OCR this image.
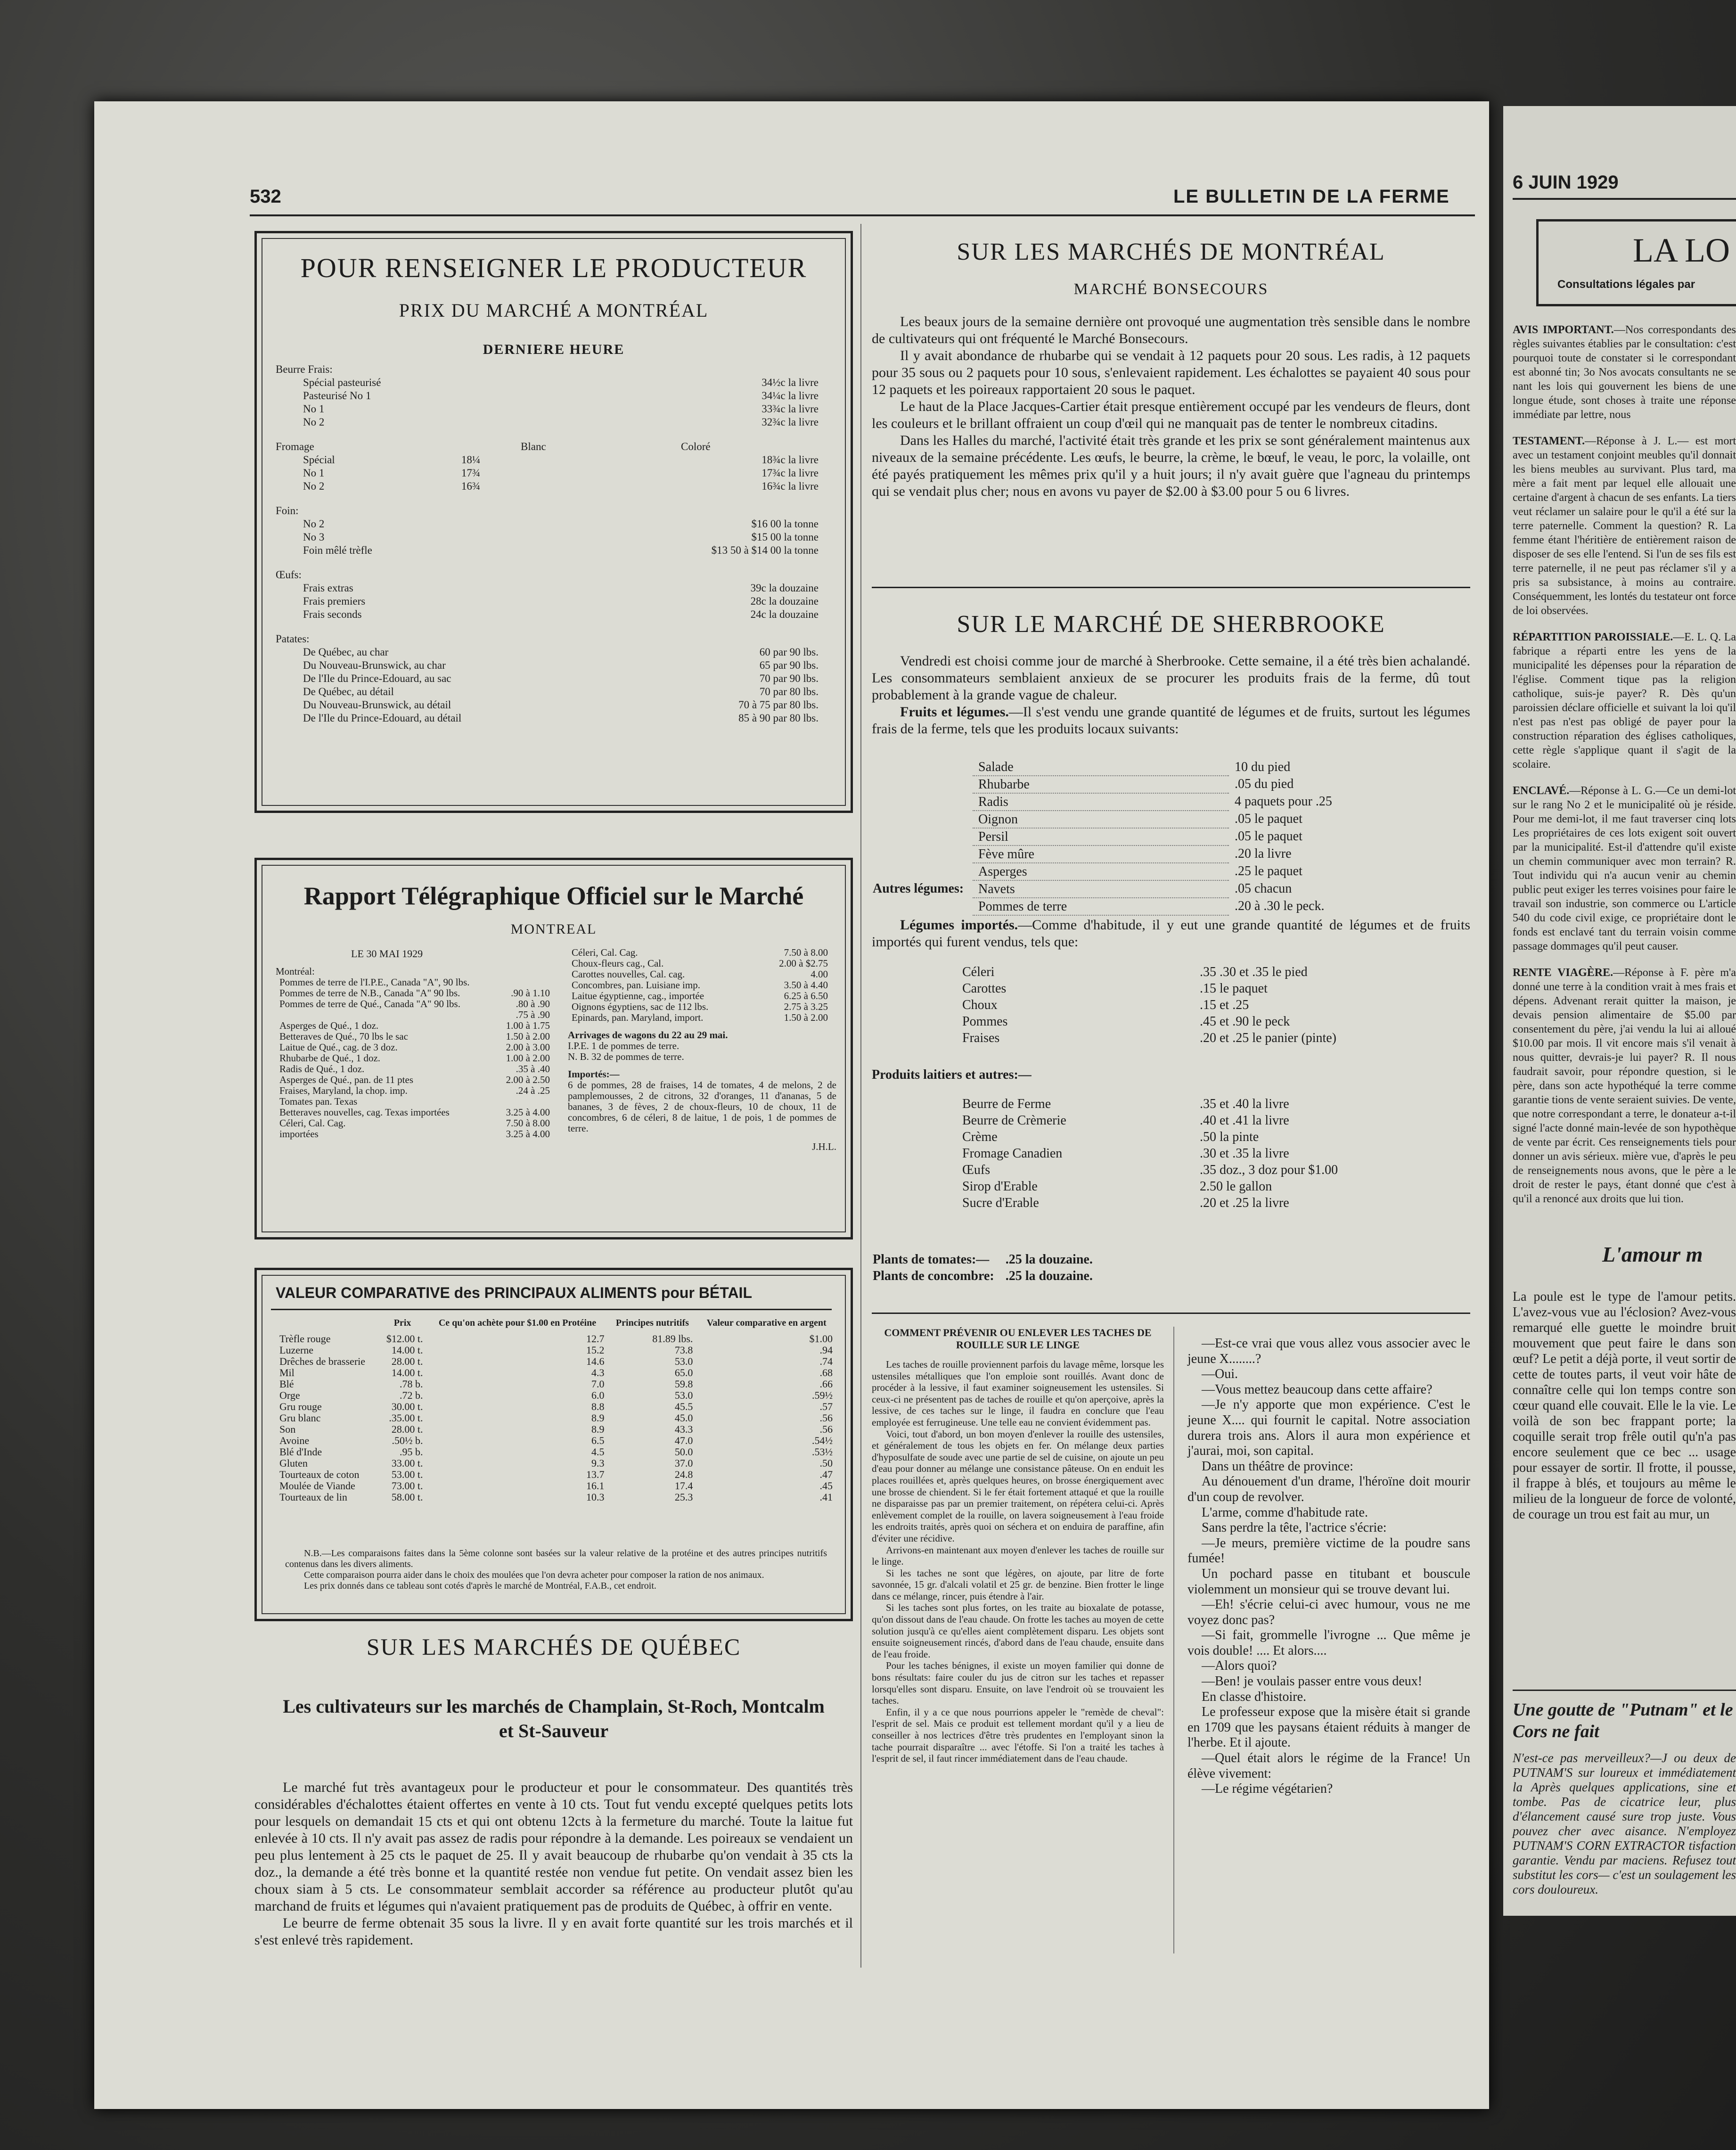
532	LE BULLETIN DE LA FERME
POUR RENSEIGNER LE PRODUCTEUR
PRIX DU MARCHÉ A MONTRÉAL
DERNIERE HEURE
Beurre Frais:
Spécial pasteurisé	34½c la livre
Pasteurisé No 1	34¼c la livre
No 1	33¾c la livre
No 2	32¾c la livre
Fromage	Blanc	Coloré
Spécial	18¼	18¾c la livre
No 1	17¾	17¾c la livre
No 2	16¾	16¾c la livre
Foin:
No 2	$16 00 la tonne
No 3	$15 00 la tonne
Foin mêlé trèfle	$13 50 à $14 00 la tonne
Œufs:
Frais extras	39c la douzaine
Frais premiers	28c la douzaine
Frais seconds	24c la douzaine
Patates:
De Québec, au char	60 par 90 lbs.
Du Nouveau-Brunswick, au char	65 par 90 lbs.
De l'Ile du Prince-Edouard, au sac	70 par 90 lbs.
De Québec, au détail	70 par 80 lbs.
Du Nouveau-Brunswick, au détail	70 à 75 par 80 lbs.
De l'Ile du Prince-Edouard, au détail	85 à 90 par 80 lbs.
Rapport Télégraphique Officiel sur le Marché
MONTREAL
LE 30 MAI 1929
Montréal:
Pommes de terre de l'I.P.E., Canada "A", 90 lbs.	
Pommes de terre de N.B., Canada "A" 90 lbs.	.90 à 1.10
Pommes de terre de Qué., Canada "A" 90 lbs.	.80 à .90
	.75 à .90
Asperges de Qué., 1 doz.	1.00 à 1.75
Betteraves de Qué., 70 lbs le sac	1.50 à 2.00
Laitue de Qué., cag. de 3 doz.	2.00 à 3.00
Rhubarbe de Qué., 1 doz.	1.00 à 2.00
Radis de Qué., 1 doz.	.35 à .40
Asperges de Qué., pan. de 11 ptes	2.00 à 2.50
Fraises, Maryland, la chop. imp.	.24 à .25
Tomates pan. Texas	
Betteraves nouvelles, cag. Texas importées	3.25 à 4.00
Céleri, Cal. Cag.	7.50 à 8.00
importées	3.25 à 4.00
Céleri, Cal. Cag.	7.50 à 8.00
Choux-fleurs cag., Cal.	2.00 à $2.75
Carottes nouvelles, Cal. cag.	4.00
Concombres, pan. Luisiane imp.	3.50 à 4.40
Laitue égyptienne, cag., importée	6.25 à 6.50
Oignons égyptiens, sac de 112 lbs.	2.75 à 3.25
Epinards, pan. Maryland, import.	1.50 à 2.00
Arrivages de wagons du 22 au 29 mai.
I.P.E. 1 de pommes de terre.
N. B. 32 de pommes de terre.
Importés:—
6 de pommes, 28 de fraises, 14 de tomates, 4 de melons, 2 de pamplemousses, 2 de citrons, 32 d'oranges, 11 d'ananas, 5 de bananes, 3 de fèves, 2 de choux-fleurs, 10 de choux, 11 de concombres, 6 de céleri, 8 de laitue, 1 de pois, 1 de pommes de terre.
J.H.L.
VALEUR COMPARATIVE des PRINCIPAUX ALIMENTS pour BÉTAIL
	Prix	Ce qu'on achète pour $1.00 en Protéine	Principes nutritifs	Valeur comparative en argent
Trèfle rouge	$12.00 t.	12.7	81.89 lbs.	$1.00
Luzerne	14.00 t.	15.2	73.8	.94
Drêches de brasserie	28.00 t.	14.6	53.0	.74
Mil	14.00 t.	4.3	65.0	.68
Blé	.78 b.	7.0	59.8	.66
Orge	.72 b.	6.0	53.0	.59½
Gru rouge	30.00 t.	8.8	45.5	.57
Gru blanc	.35.00 t.	8.9	45.0	.56
Son	28.00 t.	8.9	43.3	.56
Avoine	.50½ b.	6.5	47.0	.54½
Blé d'Inde	.95 b.	4.5	50.0	.53½
Gluten	33.00 t.	9.3	37.0	.50
Tourteaux de coton	53.00 t.	13.7	24.8	.47
Moulée de Viande	73.00 t.	16.1	17.4	.45
Tourteaux de lin	58.00 t.	10.3	25.3	.41
N.B.—Les comparaisons faites dans la 5ème colonne sont basées sur la valeur relative de la protéine et des autres principes nutritifs contenus dans les divers aliments.
Cette comparaison pourra aider dans le choix des moulées que l'on devra acheter pour composer la ration de nos animaux.
Les prix donnés dans ce tableau sont cotés d'après le marché de Montréal, F.A.B., cet endroit.
SUR LES MARCHÉS DE QUÉBEC
Les cultivateurs sur les marchés de Champlain, St-Roch, Montcalm et St-Sauveur

Le marché fut très avantageux pour le producteur et pour le consommateur. Des quantités très considérables d'échalottes étaient offertes en vente à 10 cts. Tout fut vendu excepté quelques petits lots pour lesquels on demandait 15 cts et qui ont obtenu 12cts à la fermeture du marché. Toute la laitue fut enlevée à 10 cts. Il n'y avait pas assez de radis pour répondre à la demande. Les poireaux se vendaient un peu plus lentement à 25 cts le paquet de 25. Il y avait beaucoup de rhubarbe qu'on vendait à 35 cts la doz., la demande a été très bonne et la quantité restée non vendue fut petite. On vendait assez bien les choux siam à 5 cts. Le consommateur semblait accorder sa référence au producteur plutôt qu'au marchand de fruits et légumes qui n'avaient pratiquement pas de produits de Québec, à offrir en vente.

Le beurre de ferme obtenait 35 sous la livre. Il y en avait forte quantité sur les trois marchés et il s'est enlevé très rapidement.

SUR LES MARCHÉS DE MONTRÉAL
MARCHÉ BONSECOURS

Les beaux jours de la semaine dernière ont provoqué une augmentation très sensible dans le nombre de cultivateurs qui ont fréquenté le Marché Bonsecours.

Il y avait abondance de rhubarbe qui se vendait à 12 paquets pour 20 sous. Les radis, à 12 paquets pour 35 sous ou 2 paquets pour 10 sous, s'enlevaient rapidement. Les échalottes se payaient 40 sous pour 12 paquets et les poireaux rapportaient 20 sous le paquet.

Le haut de la Place Jacques-Cartier était presque entièrement occupé par les vendeurs de fleurs, dont les couleurs et le brillant offraient un coup d'œil qui ne manquait pas de tenter le nombreux citadins.

Dans les Halles du marché, l'activité était très grande et les prix se sont généralement maintenus aux niveaux de la semaine précédente. Les œufs, le beurre, la crème, le bœuf, le veau, le porc, la volaille, ont été payés pratiquement les mêmes prix qu'il y a huit jours; il n'y avait guère que l'agneau du printemps qui se vendait plus cher; nous en avons vu payer de $2.00 à $3.00 pour 5 ou 6 livres.

SUR LE MARCHÉ DE SHERBROOKE
Vendredi est choisi comme jour de marché à Sherbrooke. Cette semaine, il a été très bien achalandé. Les consommateurs semblaient anxieux de se procurer les produits frais de la ferme, dû tout probablement à la grande vague de chaleur.
Fruits et légumes.—Il s'est vendu une grande quantité de légumes et de fruits, surtout les légumes frais de la ferme, tels que les produits locaux suivants:
	Salade	10 du pied
	Rhubarbe	.05 du pied
	Radis	4 paquets pour .25
	Oignon	.05 le paquet
	Persil	.05 le paquet
	Fève mûre	.20 la livre
	Asperges	.25 le paquet
Autres légumes:	Navets	.05 chacun
	Pommes de terre	.20 à .30 le peck.
Légumes importés.—Comme d'habitude, il y eut une grande quantité de légumes et de fruits importés qui furent vendus, tels que:
Céleri	.35 .30 et .35 le pied
Carottes	.15 le paquet
Choux	.15 et .25
Pommes	.45 et .90 le peck
Fraises	.20 et .25 le panier (pinte)
Produits laitiers et autres:—
Beurre de Ferme	.35 et .40 la livre
Beurre de Crèmerie	.40 et .41 la livre
Crème	.50 la pinte
Fromage Canadien	.30 et .35 la livre
Œufs	.35 doz., 3 doz pour $1.00
Sirop d'Erable	2.50 le gallon
Sucre d'Erable	.20 et .25 la livre
Plants de tomates:—	.25 la douzaine.
Plants de concombre:	.25 la douzaine.
COMMENT PRÉVENIR OU ENLEVER LES TACHES DE ROUILLE SUR LE LINGE

Les taches de rouille proviennent parfois du lavage même, lorsque les ustensiles métalliques que l'on emploie sont rouillés. Avant donc de procéder à la lessive, il faut examiner soigneusement les ustensiles. Si ceux-ci ne présentent pas de taches de rouille et qu'on aperçoive, après la lessive, de ces taches sur le linge, il faudra en conclure que l'eau employée est ferrugineuse. Une telle eau ne convient évidemment pas.

Voici, tout d'abord, un bon moyen d'enlever la rouille des ustensiles, et généralement de tous les objets en fer. On mélange deux parties d'hyposulfate de soude avec une partie de sel de cuisine, on ajoute un peu d'eau pour donner au mélange une consistance pâteuse. On en enduit les places rouillées et, après quelques heures, on brosse énergiquement avec une brosse de chiendent. Si le fer était fortement attaqué et que la rouille ne disparaisse pas par un premier traitement, on répétera celui-ci. Après enlèvement complet de la rouille, on lavera soigneusement à l'eau froide les endroits traités, après quoi on séchera et on enduira de paraffine, afin d'éviter une récidive.

Arrivons-en maintenant aux moyen d'enlever les taches de rouille sur le linge.

Si les taches ne sont que légères, on ajoute, par litre de forte savonnée, 15 gr. d'alcali volatil et 25 gr. de benzine. Bien frotter le linge dans ce mélange, rincer, puis étendre à l'air.

Si les taches sont plus fortes, on les traite au bioxalate de potasse, qu'on dissout dans de l'eau chaude. On frotte les taches au moyen de cette solution jusqu'à ce qu'elles aient complètement disparu. Les objets sont ensuite soigneusement rincés, d'abord dans de l'eau chaude, ensuite dans de l'eau froide.

Pour les taches bénignes, il existe un moyen familier qui donne de bons résultats: faire couler du jus de citron sur les taches et repasser lorsqu'elles sont disparu. Ensuite, on lave l'endroit où se trouvaient les taches.

Enfin, il y a ce que nous pourrions appeler le "remède de cheval": l'esprit de sel. Mais ce produit est tellement mordant qu'il y a lieu de conseiller à nos lectrices d'être très prudentes en l'employant sinon la tache pourrait disparaître ... avec l'étoffe. Si l'on a traité les taches à l'esprit de sel, il faut rincer immédiatement dans de l'eau chaude.

—Est-ce vrai que vous allez vous associer avec le jeune X........?

—Oui.

—Vous mettez beaucoup dans cette affaire?

—Je n'y apporte que mon expérience. C'est le jeune X.... qui fournit le capital. Notre association durera trois ans. Alors il aura mon expérience et j'aurai, moi, son capital.

Dans un théâtre de province:

Au dénouement d'un drame, l'héroïne doit mourir d'un coup de revolver.

L'arme, comme d'habitude rate.

Sans perdre la tête, l'actrice s'écrie:

—Je meurs, première victime de la poudre sans fumée!

Un pochard passe en titubant et bouscule violemment un monsieur qui se trouve devant lui.

—Eh! s'écrie celui-ci avec humour, vous ne me voyez donc pas?

—Si fait, grommelle l'ivrogne ... Que même je vois double! .... Et alors....

—Alors quoi?

—Ben! je voulais passer entre vous deux!

En classe d'histoire.

Le professeur expose que la misère était si grande en 1709 que les paysans étaient réduits à manger de l'herbe. Et il ajoute.

—Quel était alors le régime de la France! Un élève vivement:

—Le régime végétarien?

6 JUIN 1929
LA LO
Consultations légales par
AVIS IMPORTANT.—Nos correspondants des règles suivantes établies par le consultation: c'est pourquoi toute de constater si le correspondant est abonné tin; 3o Nos avocats consultants ne se nant les lois qui gouvernent les biens de une longue étude, sont choses à traite une réponse immédiate par lettre, nous
TESTAMENT.—Réponse à J. L.— est mort avec un testament conjoint meubles qu'il donnait les biens meubles au survivant. Plus tard, ma mère a fait ment par lequel elle allouait une certaine d'argent à chacun de ses enfants. La tiers veut réclamer un salaire pour le qu'il a été sur la terre paternelle. Comment la question? R. La femme étant l'héritière de entièrement raison de disposer de ses elle l'entend. Si l'un de ses fils est terre paternelle, il ne peut pas réclamer s'il y a pris sa subsistance, à moins au contraire. Conséquemment, les lontés du testateur ont force de loi observées.
RÉPARTITION PAROISSIALE.—E. L. Q. La fabrique a réparti entre les yens de la municipalité les dépenses pour la réparation de l'église. Comment tique pas la religion catholique, suis-je payer? R. Dès qu'un paroissien déclare officielle et suivant la loi qu'il n'est pas n'est pas obligé de payer pour la construction réparation des églises catholiques, cette règle s'applique quant il s'agit de la scolaire.
ENCLAVÉ.—Réponse à L. G.—Ce un demi-lot sur le rang No 2 et le municipalité où je réside. Pour me demi-lot, il me faut traverser cinq lots Les propriétaires de ces lots exigent soit ouvert par la municipalité. Est-il d'attendre qu'il existe un chemin communiquer avec mon terrain? R. Tout individu qui n'a aucun venir au chemin public peut exiger les terres voisines pour faire le travail son industrie, son commerce ou L'article 540 du code civil exige, ce propriétaire dont le fonds est enclavé tant du terrain voisin comme passage dommages qu'il peut causer.
RENTE VIAGÈRE.—Réponse à F. père m'a donné une terre à la condition vrait à mes frais et dépens. Advenant rerait quitter la maison, je devais pension alimentaire de $5.00 par consentement du père, j'ai vendu la lui ai alloué $10.00 par mois. Il vit encore mais s'il venait à nous quitter, devrais-je lui payer? R. Il nous faudrait savoir, pour répondre question, si le père, dans son acte hypothéqué la terre comme garantie tions de vente seraient suivies. De vente, que notre correspondant a terre, le donateur a-t-il signé l'acte donné main-levée de son hypothèque de vente par écrit. Ces renseignements tiels pour donner un avis sérieux. mière vue, d'après le peu de renseignements nous avons, que le père a le droit de rester le pays, étant donné que c'est à qu'il a renoncé aux droits que lui tion.
L'amour m
La poule est le type de l'amour petits. L'avez-vous vue au l'éclosion? Avez-vous remarqué elle guette le moindre bruit mouvement que peut faire le dans son œuf? Le petit a déjà porte, il veut sortir de cette de toutes parts, il veut voir hâte de connaître celle qui lon temps contre son cœur quand elle couvait. Elle le la vie. Le voilà de son bec frappant porte; la coquille serait trop frêle outil qu'n'a pas encore seulement que ce bec ... usage pour essayer de sortir. Il frotte, il pousse, il frappe à blés, et toujours au même le milieu de la longueur de force de volonté, de courage un trou est fait au mur, un
Une goutte de "Putnam" et le Cors ne fait
N'est-ce pas merveilleux?—J ou deux de PUTNAM'S sur loureux et immédiatement la Après quelques applications, sine et tombe. Pas de cicatrice leur, plus d'élancement causé sure trop juste. Vous pouvez cher avec aisance. N'employez PUTNAM'S CORN EXTRACTOR tisfaction garantie. Vendu par maciens. Refusez tout substitut les cors— c'est un soulagement les cors douloureux.
